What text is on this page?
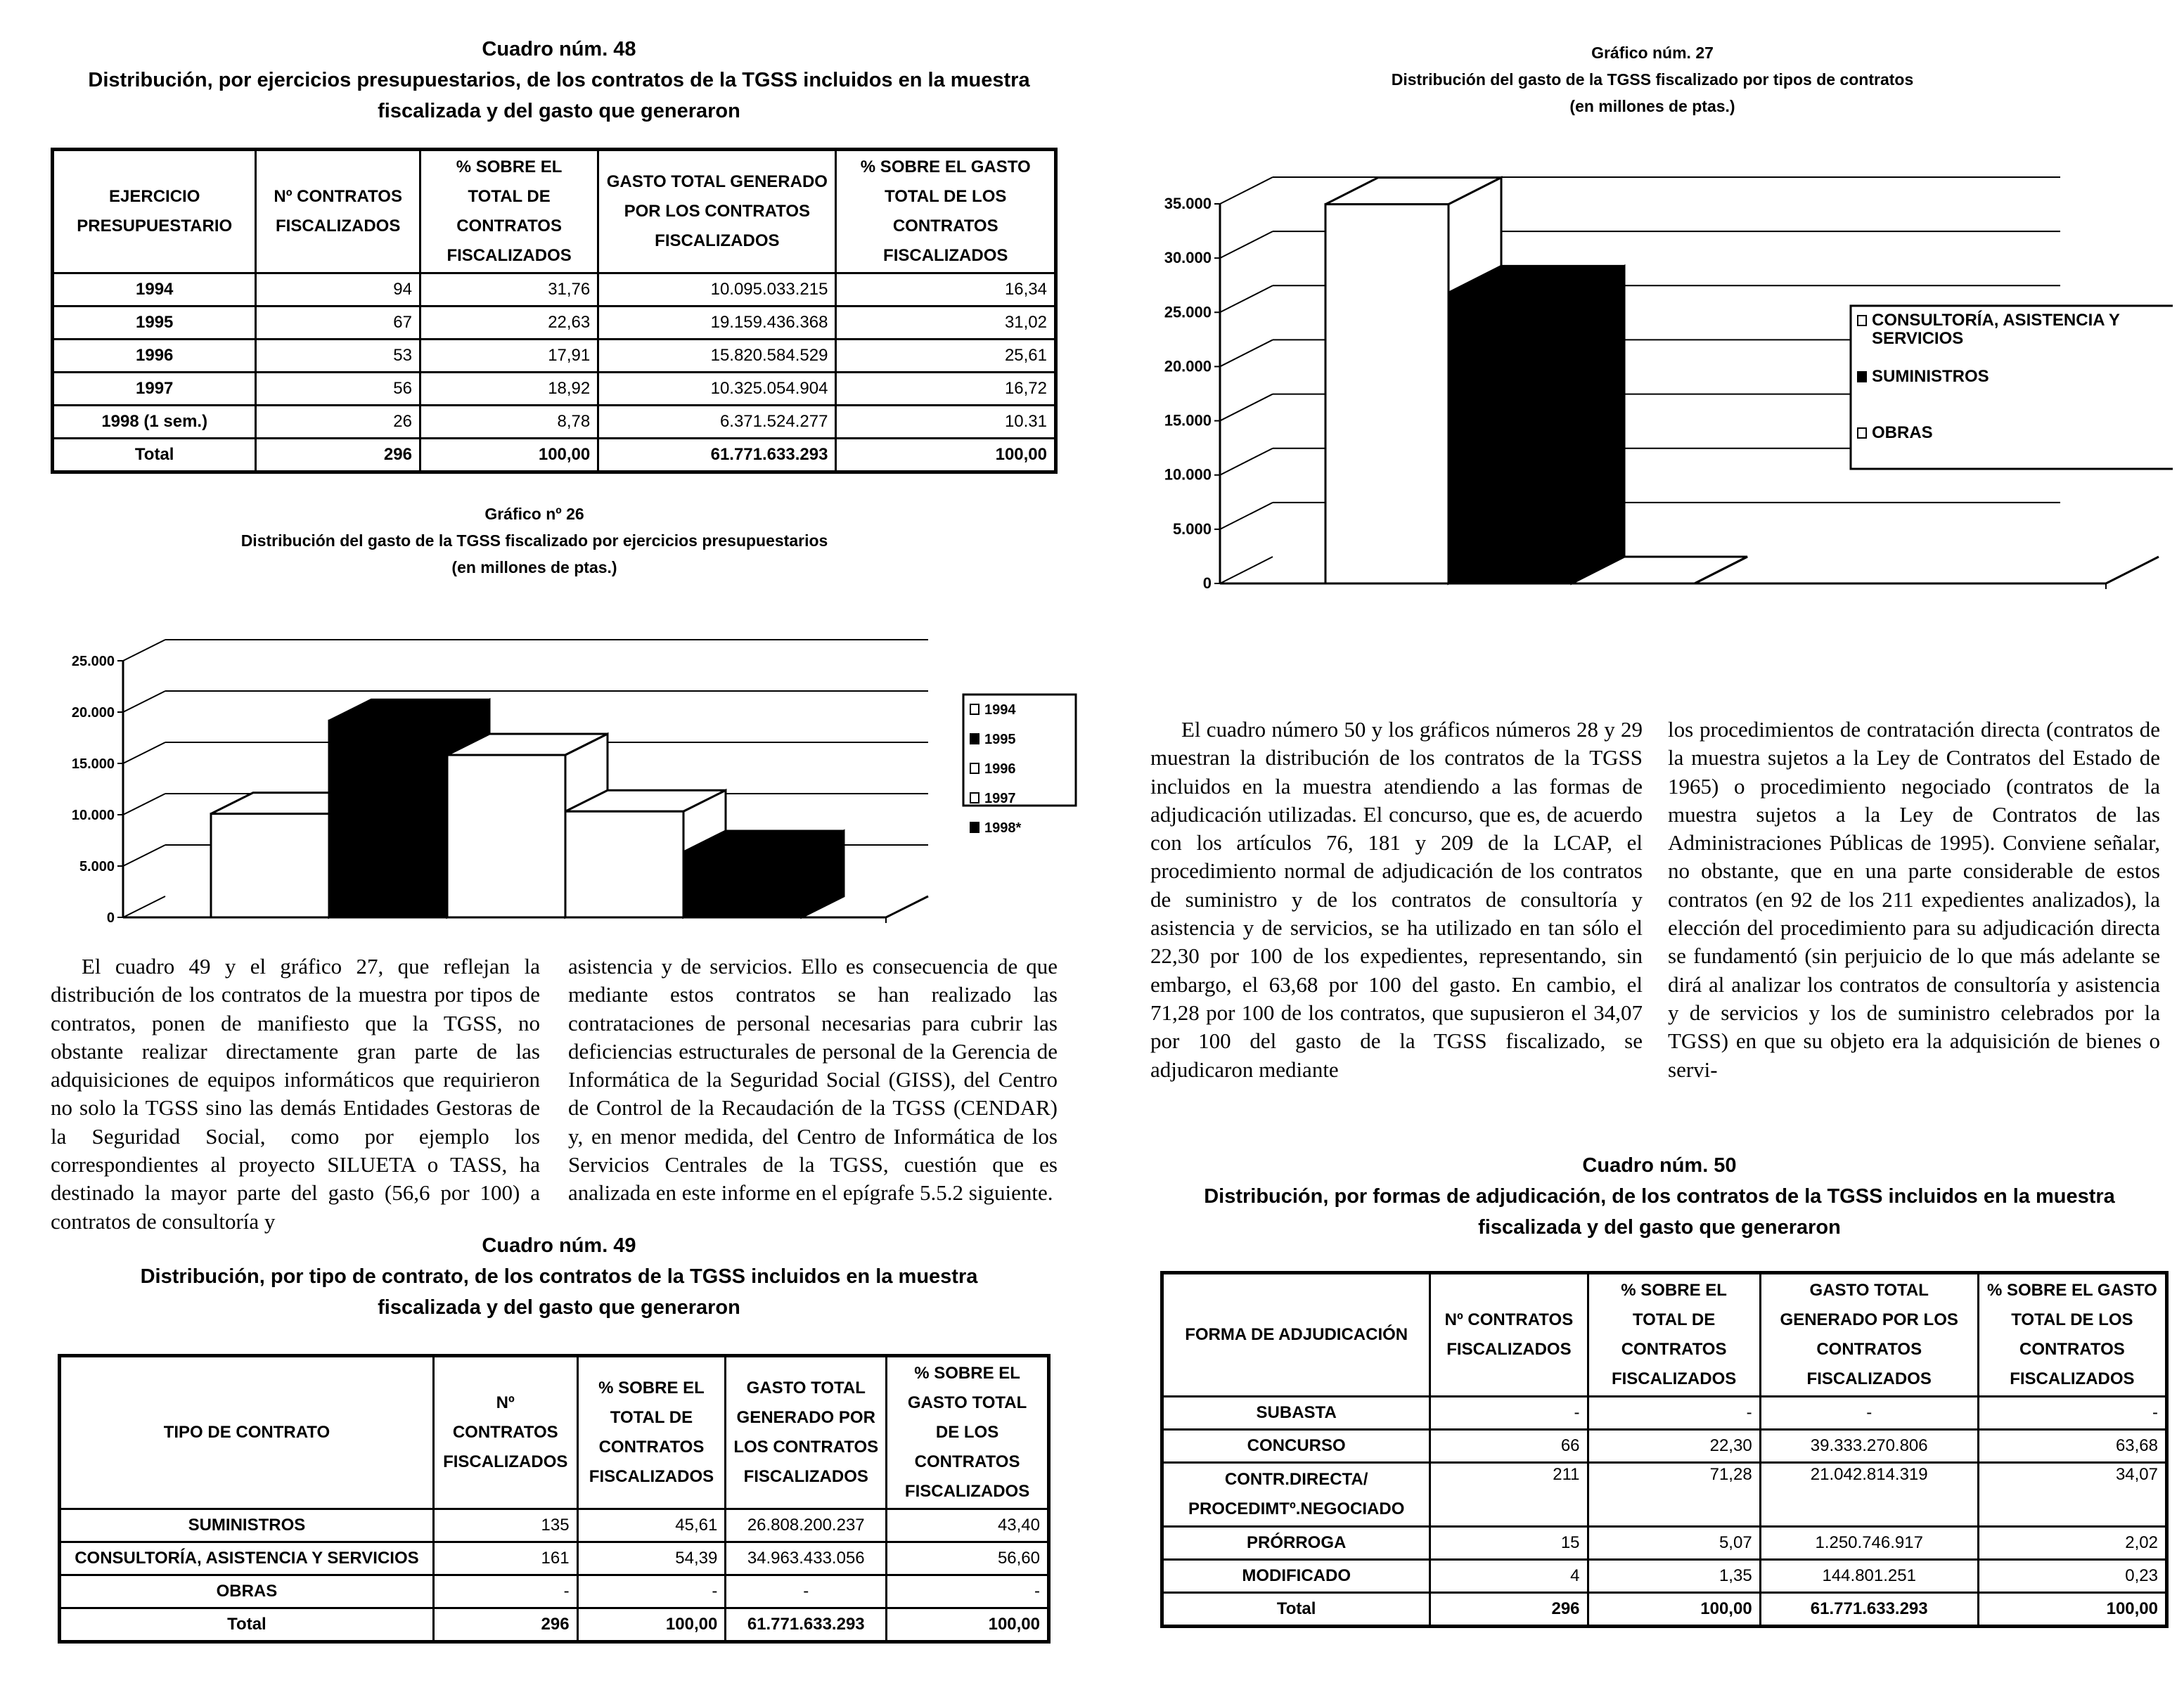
Cuadro núm. 48
Distribución, por ejercicios presupuestarios, de los contratos de la TGSS incluidos en la muestra
fiscalizada y del gasto que generaron
EJERCICIO PRESUPUESTARIO	Nº CONTRATOS FISCALIZADOS	% SOBRE EL TOTAL DE CONTRATOS FISCALIZADOS	GASTO TOTAL GENERADO POR LOS CONTRATOS FISCALIZADOS	% SOBRE EL GASTO TOTAL DE LOS CONTRATOS FISCALIZADOS
1994	94	31,76	10.095.033.215	16,34
1995	67	22,63	19.159.436.368	31,02
1996	53	17,91	15.820.584.529	25,61
1997	56	18,92	10.325.054.904	16,72
1998 (1 sem.)	26	8,78	6.371.524.277	10.31
Total	296	100,00	61.771.633.293	100,00
Gráfico nº 26
Distribución del gasto de la TGSS fiscalizado por ejercicios presupuestarios
(en millones de ptas.)
0
5.000
10.000
15.000
20.000
25.000
1994
1995
1996
1997
1998*
Gráfico núm. 27
Distribución del gasto de la TGSS fiscalizado por tipos de contratos
(en millones de ptas.)
0
5.000
10.000
15.000
20.000
25.000
30.000
35.000
CONSULTORÍA, ASISTENCIA Y
SERVICIOS
SUMINISTROS
OBRAS

El cuadro 49 y el gráfico 27, que reflejan la distribución de los contratos de la muestra por tipos de contratos, ponen de manifiesto que la TGSS, no obstante realizar directamente gran parte de las adquisiciones de equipos informáticos que requirieron no solo la TGSS sino las demás Entidades Gestoras de la Seguridad Social, como por ejemplo los correspondientes al proyecto SILUETA o TASS, ha destinado la mayor parte del gasto (56,6 por 100) a contratos de consultoría y

asistencia y de servicios. Ello es consecuencia de que mediante estos contratos se han realizado las contrataciones de personal necesarias para cubrir las deficiencias estructurales de personal de la Gerencia de Informática de la Seguridad Social (GISS), del Centro de Control de la Recaudación de la TGSS (CENDAR) y, en menor medida, del Centro de Informática de los Servicios Centrales de la TGSS, cuestión que es analizada en este informe en el epígrafe 5.5.2 siguiente.

Cuadro núm. 49
Distribución, por tipo de contrato, de los contratos de la TGSS incluidos en la muestra
fiscalizada y del gasto que generaron
TIPO DE CONTRATO	Nº CONTRATOS FISCALIZADOS	% SOBRE EL TOTAL DE CONTRATOS FISCALIZADOS	GASTO TOTAL GENERADO POR LOS CONTRATOS FISCALIZADOS	% SOBRE EL GASTO TOTAL DE LOS CONTRATOS FISCALIZADOS
SUMINISTROS	135	45,61	26.808.200.237	43,40
CONSULTORÍA, ASISTENCIA Y SERVICIOS	161	54,39	34.963.433.056	56,60
OBRAS	-	-	-	-
Total	296	100,00	61.771.633.293	100,00

El cuadro número 50 y los gráficos números 28 y 29 muestran la distribución de los contratos de la TGSS incluidos en la muestra atendiendo a las formas de adjudicación utilizadas. El concurso, que es, de acuerdo con los artículos 76, 181 y 209 de la LCAP, el procedimiento normal de adjudicación de los contratos de suministro y de los contratos de consultoría y asistencia y de servicios, se ha utilizado en tan sólo el 22,30 por 100 de los expedientes, representando, sin embargo, el 63,68 por 100 del gasto. En cambio, el 71,28 por 100 de los contratos, que supusieron el 34,07 por 100 del gasto de la TGSS fiscalizado, se adjudicaron mediante

los procedimientos de contratación directa (contratos de la muestra sujetos a la Ley de Contratos del Estado de 1965) o procedimiento negociado (contratos de la muestra sujetos a la Ley de Contratos de las Administraciones Públicas de 1995). Conviene señalar, no obstante, que en una parte considerable de estos contratos (en 92 de los 211 expedientes analizados), la elección del procedimiento para su adjudicación directa se fundamentó (sin perjuicio de lo que más adelante se dirá al analizar los contratos de consultoría y asistencia y de servicios y los de suministro celebrados por la TGSS) en que su objeto era la adquisición de bienes o servi-

Cuadro núm. 50
Distribución, por formas de adjudicación, de los contratos de la TGSS incluidos en la muestra
fiscalizada y del gasto que generaron
FORMA DE ADJUDICACIÓN	Nº CONTRATOS FISCALIZADOS	% SOBRE EL TOTAL DE CONTRATOS FISCALIZADOS	GASTO TOTAL GENERADO POR LOS CONTRATOS FISCALIZADOS	% SOBRE EL GASTO TOTAL DE LOS CONTRATOS FISCALIZADOS
SUBASTA	-	-	-	-
CONCURSO	66	22,30	39.333.270.806	63,68
CONTR.DIRECTA/ PROCEDIMTº.NEGOCIADO	211	71,28	21.042.814.319	34,07
PRÓRROGA	15	5,07	1.250.746.917	2,02
MODIFICADO	4	1,35	144.801.251	0,23
Total	296	100,00	61.771.633.293	100,00
